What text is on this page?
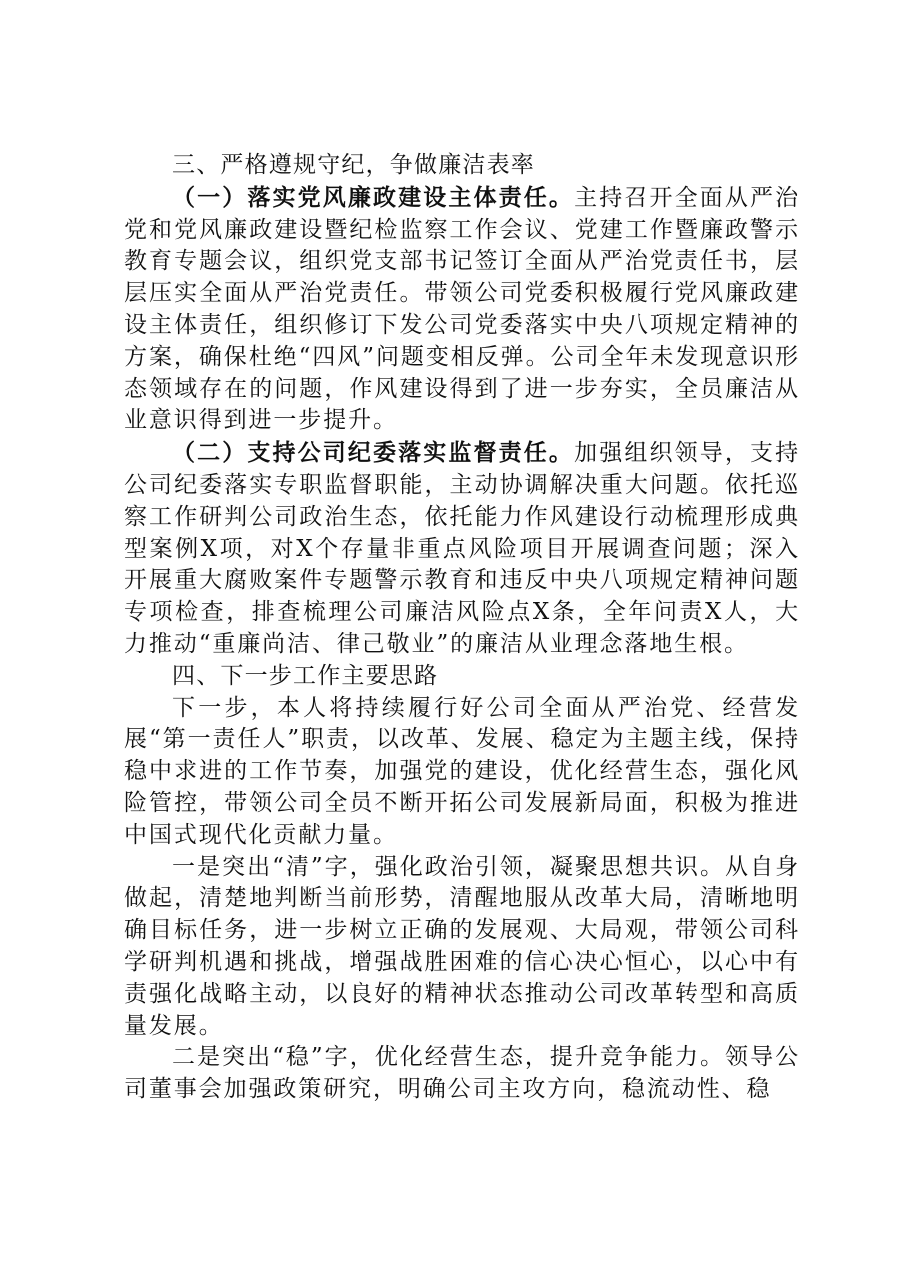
三、严格遵规守纪，争做廉洁表率

（一）落实党风廉政建设主体责任。主持召开全面从严治党和党风廉政建设暨纪检监察工作会议、党建工作暨廉政警示教育专题会议，组织党支部书记签订全面从严治党责任书，层层压实全面从严治党责任。带领公司党委积极履行党风廉政建设主体责任，组织修订下发公司党委落实中央八项规定精神的方案，确保杜绝“四风”问题变相反弹。公司全年未发现意识形态领域存在的问题，作风建设得到了进一步夯实，全员廉洁从业意识得到进一步提升。

（二）支持公司纪委落实监督责任。加强组织领导，支持公司纪委落实专职监督职能，主动协调解决重大问题。依托巡察工作研判公司政治生态，依托能力作风建设行动梳理形成典型案例X项，对X个存量非重点风险项目开展调查问题；深入开展重大腐败案件专题警示教育和违反中央八项规定精神问题专项检查，排查梳理公司廉洁风险点X条，全年问责X人，大力推动“重廉尚洁、律己敬业”的廉洁从业理念落地生根。

四、下一步工作主要思路

下一步，本人将持续履行好公司全面从严治党、经营发展“第一责任人”职责，以改革、发展、稳定为主题主线，保持稳中求进的工作节奏，加强党的建设，优化经营生态，强化风险管控，带领公司全员不断开拓公司发展新局面，积极为推进中国式现代化贡献力量。

一是突出“清”字，强化政治引领，凝聚思想共识。从自身做起，清楚地判断当前形势，清醒地服从改革大局，清晰地明确目标任务，进一步树立正确的发展观、大局观，带领公司科学研判机遇和挑战，增强战胜困难的信心决心恒心，以心中有责强化战略主动，以良好的精神状态推动公司改革转型和高质量发展。

二是突出“稳”字，优化经营生态，提升竞争能力。领导公司董事会加强政策研究，明确公司主攻方向，稳流动性、稳
